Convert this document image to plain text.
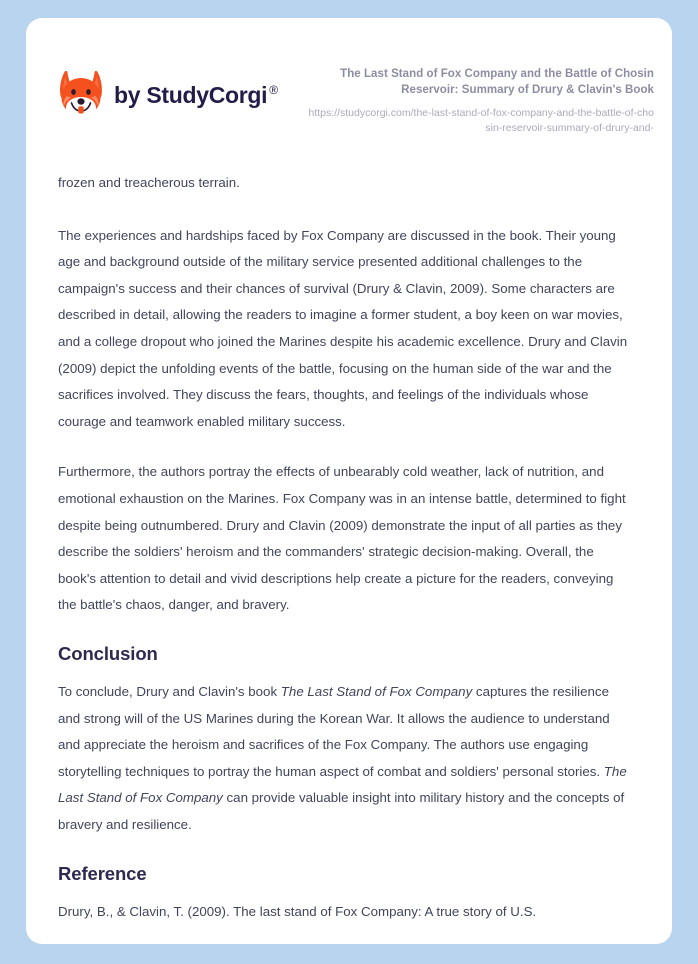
by StudyCorgi ®
The Last Stand of Fox Company and the Battle of Chosin Reservoir: Summary of Drury & Clavin's Book
https://studycorgi.com/the-last-stand-of-fox-company-and-the-battle-of-chosin-reservoir-summary-of-drury-and-

frozen and treacherous terrain.

The experiences and hardships faced by Fox Company are discussed in the book. Their young age and background outside of the military service presented additional challenges to the campaign's success and their chances of survival (Drury & Clavin, 2009). Some characters are described in detail, allowing the readers to imagine a former student, a boy keen on war movies, and a college dropout who joined the Marines despite his academic excellence. Drury and Clavin (2009) depict the unfolding events of the battle, focusing on the human side of the war and the sacrifices involved. They discuss the fears, thoughts, and feelings of the individuals whose courage and teamwork enabled military success.

Furthermore, the authors portray the effects of unbearably cold weather, lack of nutrition, and emotional exhaustion on the Marines. Fox Company was in an intense battle, determined to fight despite being outnumbered. Drury and Clavin (2009) demonstrate the input of all parties as they describe the soldiers' heroism and the commanders' strategic decision-making. Overall, the book's attention to detail and vivid descriptions help create a picture for the readers, conveying the battle's chaos, danger, and bravery.

Conclusion

To conclude, Drury and Clavin's book The Last Stand of Fox Company captures the resilience and strong will of the US Marines during the Korean War. It allows the audience to understand and appreciate the heroism and sacrifices of the Fox Company. The authors use engaging storytelling techniques to portray the human aspect of combat and soldiers' personal stories. The Last Stand of Fox Company can provide valuable insight into military history and the concepts of bravery and resilience.

Reference

Drury, B., & Clavin, T. (2009). The last stand of Fox Company: A true story of U.S.
